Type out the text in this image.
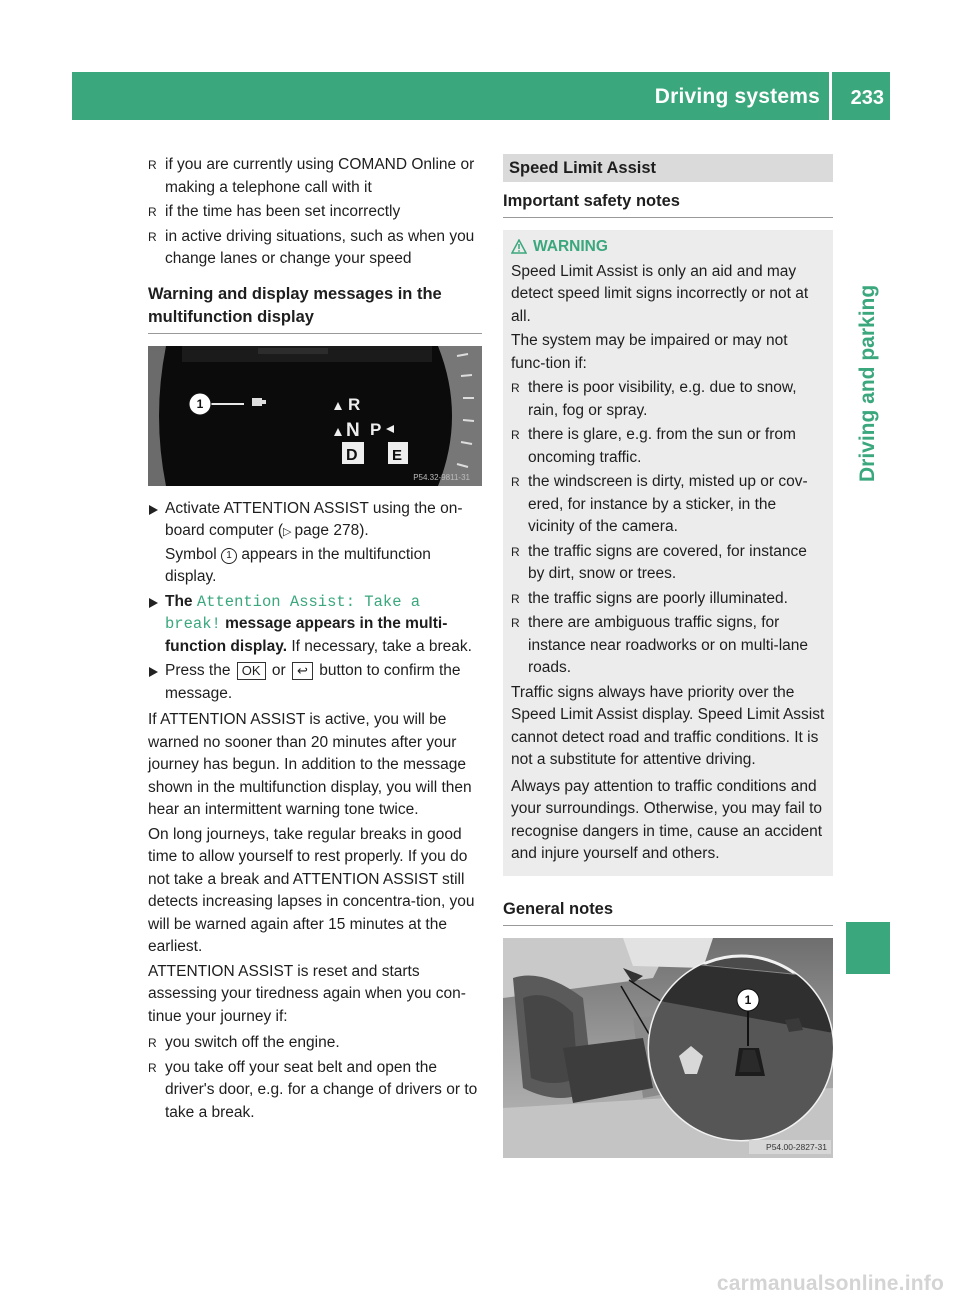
Driving systems 233
Driving and parking
R if you are currently using COMAND Online or making a telephone call with it
R if the time has been set incorrectly
R in active driving situations, such as when you change lanes or change your speed
Warning and display messages in the multifunction display
1	R
N P
D E
P54.32-9811-31
Activate ATTENTION ASSIST using the on-board computer (▷ page 278).
Symbol 1 appears in the multifunction display.
The Attention Assist: Take a break! message appears in the multi-function display. If necessary, take a break.
Press the OK or ↩ button to confirm the message.

If ATTENTION ASSIST is active, you will be warned no sooner than 20 minutes after your journey has begun. In addition to the message shown in the multifunction display, you will then hear an intermittent warning tone twice.

On long journeys, take regular breaks in good time to allow yourself to rest properly. If you do not take a break and ATTENTION ASSIST still detects increasing lapses in concentra-tion, you will be warned again after 15 minutes at the earliest.

ATTENTION ASSIST is reset and starts assessing your tiredness again when you con-tinue your journey if:

R you switch off the engine.
R you take off your seat belt and open the driver's door, e.g. for a change of drivers or to take a break.
Speed Limit Assist
Important safety notes
WARNING

Speed Limit Assist is only an aid and may detect speed limit signs incorrectly or not at all.

The system may be impaired or may not func-tion if:

R there is poor visibility, e.g. due to snow, rain, fog or spray.
R there is glare, e.g. from the sun or from oncoming traffic.
R the windscreen is dirty, misted up or cov-ered, for instance by a sticker, in the vicinity of the camera.
R the traffic signs are covered, for instance by dirt, snow or trees.
R the traffic signs are poorly illuminated.
R there are ambiguous traffic signs, for instance near roadworks or on multi-lane roads.

Traffic signs always have priority over the Speed Limit Assist display. Speed Limit Assist cannot detect road and traffic conditions. It is not a substitute for attentive driving.

Always pay attention to traffic conditions and your surroundings. Otherwise, you may fail to recognise dangers in time, cause an accident and injure yourself and others.

General notes
1
P54.00-2827-31
carmanualsonline.info
